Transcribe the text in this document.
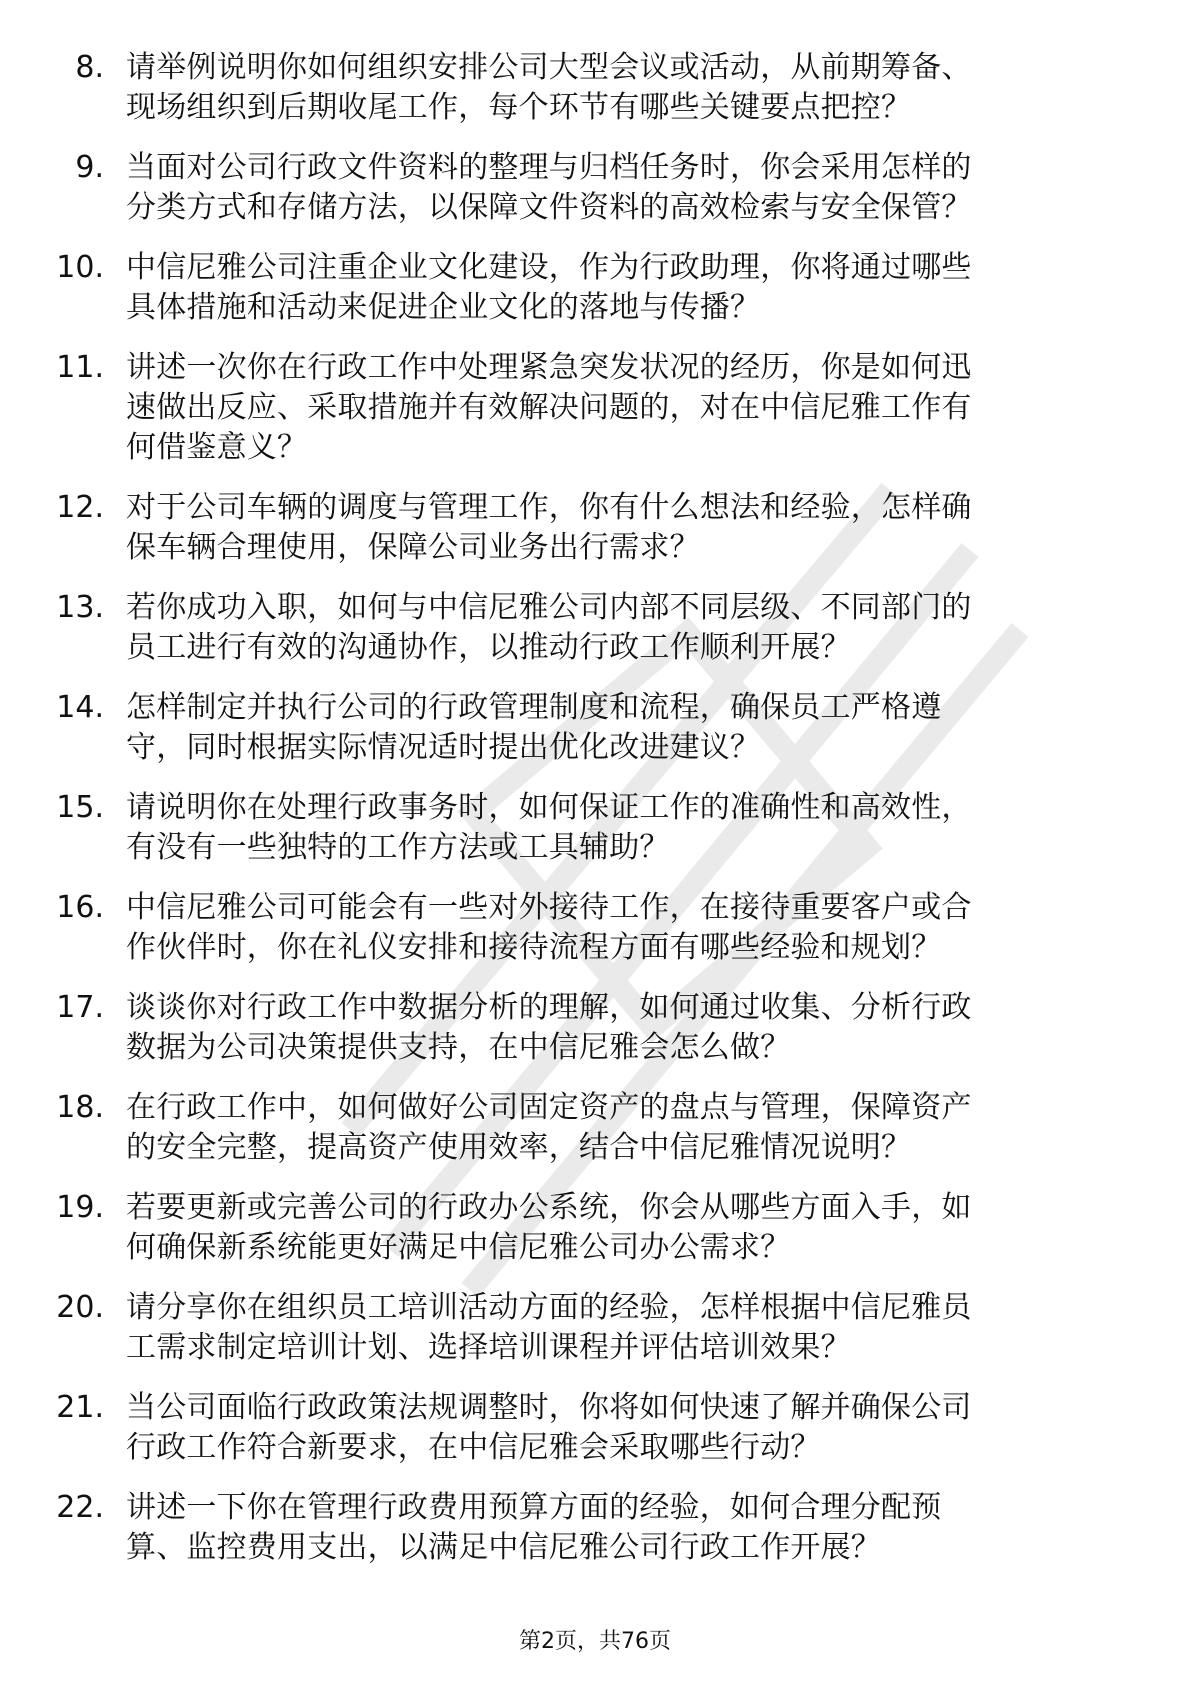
8. 请举例说明你如何组织安排公司大型会议或活动，从前期筹备、
现场组织到后期收尾工作，每个环节有哪些关键要点把控？
9. 当面对公司行政文件资料的整理与归档任务时，你会采用怎样的
分类方式和存储方法，以保障文件资料的高效检索与安全保管？
10. 中信尼雅公司注重企业文化建设，作为行政助理，你将通过哪些
具体措施和活动来促进企业文化的落地与传播？
11. 讲述一次你在行政工作中处理紧急突发状况的经历，你是如何迅
速做出反应、采取措施并有效解决问题的，对在中信尼雅工作有
何借鉴意义？
12. 对于公司车辆的调度与管理工作，你有什么想法和经验，怎样确
保车辆合理使用，保障公司业务出行需求？
13. 若你成功入职，如何与中信尼雅公司内部不同层级、不同部门的
员工进行有效的沟通协作，以推动行政工作顺利开展？
14. 怎样制定并执行公司的行政管理制度和流程，确保员工严格遵
守，同时根据实际情况适时提出优化改进建议？
15. 请说明你在处理行政事务时，如何保证工作的准确性和高效性，
有没有一些独特的工作方法或工具辅助？
16. 中信尼雅公司可能会有一些对外接待工作，在接待重要客户或合
作伙伴时，你在礼仪安排和接待流程方面有哪些经验和规划？
17. 谈谈你对行政工作中数据分析的理解，如何通过收集、分析行政
数据为公司决策提供支持，在中信尼雅会怎么做？
18. 在行政工作中，如何做好公司固定资产的盘点与管理，保障资产
的安全完整，提高资产使用效率，结合中信尼雅情况说明？
19. 若要更新或完善公司的行政办公系统，你会从哪些方面入手，如
何确保新系统能更好满足中信尼雅公司办公需求？
20. 请分享你在组织员工培训活动方面的经验，怎样根据中信尼雅员
工需求制定培训计划、选择培训课程并评估培训效果？
21. 当公司面临行政政策法规调整时，你将如何快速了解并确保公司
行政工作符合新要求，在中信尼雅会采取哪些行动？
22. 讲述一下你在管理行政费用预算方面的经验，如何合理分配预
算、监控费用支出，以满足中信尼雅公司行政工作开展？
第2页，共76页
